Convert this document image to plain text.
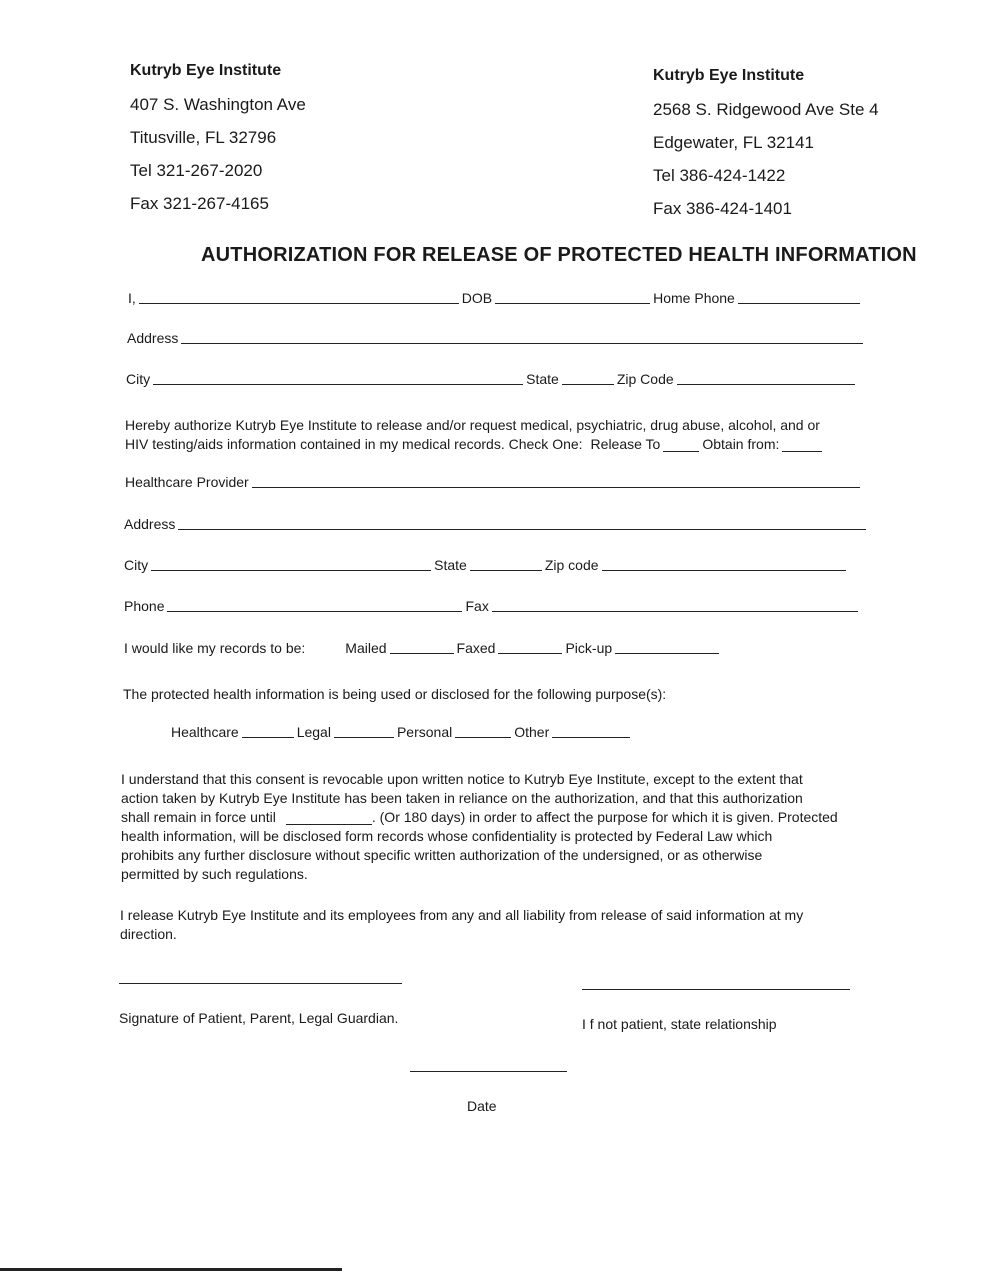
Kutryb Eye Institute
407 S. Washington Ave
Titusville, FL 32796
Tel 321-267-2020
Fax 321-267-4165
Kutryb Eye Institute
2568 S. Ridgewood Ave Ste 4
Edgewater, FL 32141
Tel 386-424-1422
Fax 386-424-1401
AUTHORIZATION FOR RELEASE OF PROTECTED HEALTH INFORMATION
I,	DOB	Home Phone
Address
City	State	Zip Code
Hereby authorize Kutryb Eye Institute to release and/or request medical, psychiatric, drug abuse, alcohol, and or
HIV testing/aids information contained in my medical records. Check One: Release To	Obtain from:
Healthcare Provider
Address
City	State	Zip code
Phone	Fax
I would like my records to be:	Mailed	Faxed	Pick-up
The protected health information is being used or disclosed for the following purpose(s):
Healthcare	Legal	Personal	Other
I understand that this consent is revocable upon written notice to Kutryb Eye Institute, except to the extent that
action taken by Kutryb Eye Institute has been taken in reliance on the authorization, and that this authorization
shall remain in force until	. (Or 180 days) in order to affect the purpose for which it is given. Protected
health information, will be disclosed form records whose confidentiality is protected by Federal Law which
prohibits any further disclosure without specific written authorization of the undersigned, or as otherwise
permitted by such regulations.
I release Kutryb Eye Institute and its employees from any and all liability from release of said information at my
direction.
Signature of Patient, Parent, Legal Guardian.	I f not patient, state relationship
Date
